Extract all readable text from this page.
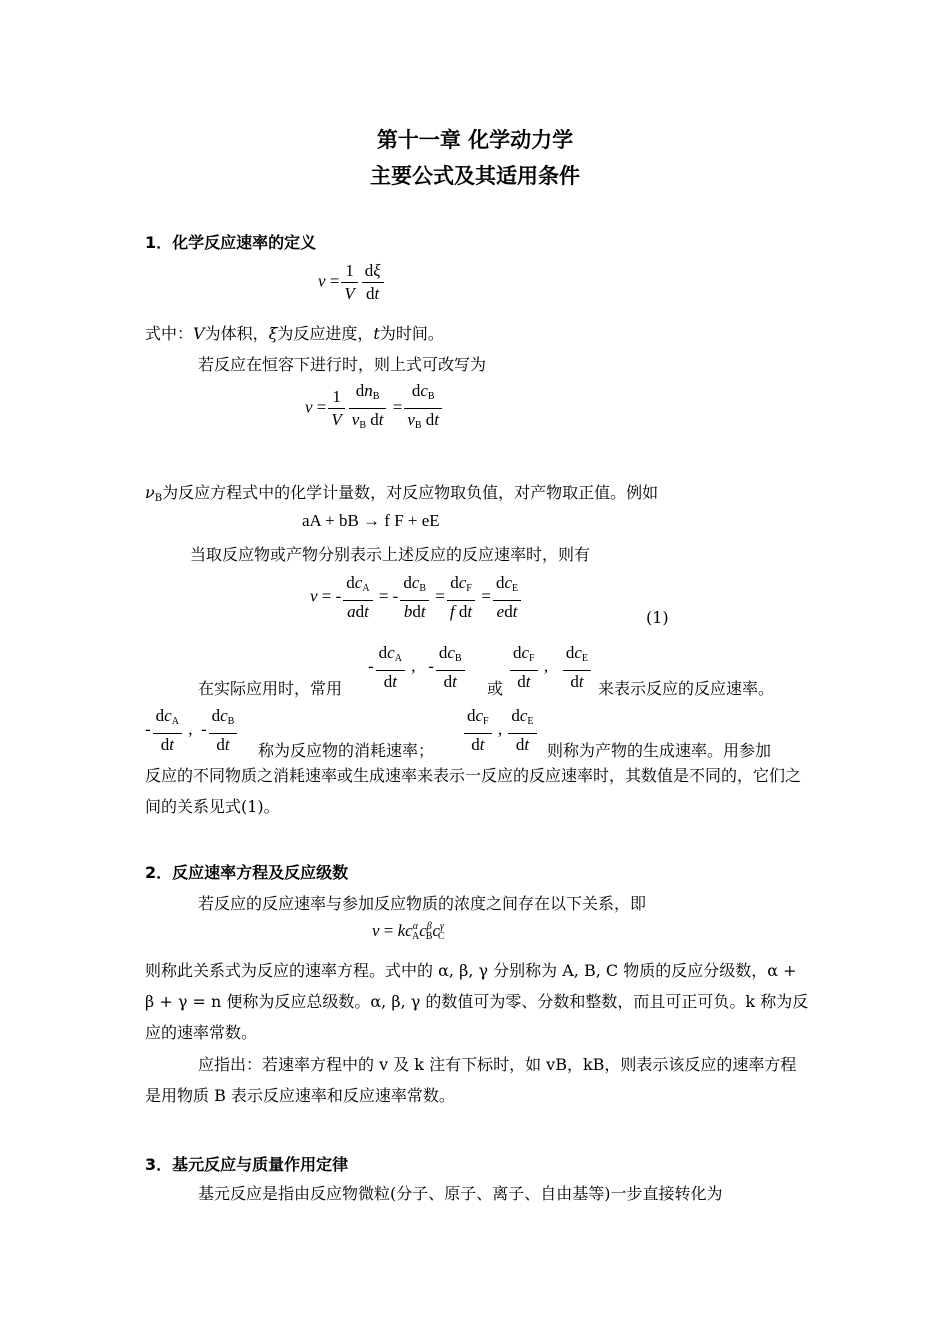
第十一章 化学动力学
主要公式及其适用条件
1．化学反应速率的定义
$v = \frac{1}{V} \frac{d\xi}{dt}$
式中：V为体积，ξ为反应进度，t为时间。
若反应在恒容下进行时，则上式可改写为
$v = \frac{1}{V} \frac{dn_B}{\nu_B dt} = \frac{dc_B}{\nu_B dt}$
$\nu_B$为反应方程式中的化学计量数，对反应物取负值，对产物取正值。例如
aA + bB → f F + eE
当取反应物或产物分别表示上述反应的反应速率时，则有
v = - $\frac{dc_A}{\text{adt}}$ = - $\frac{dc_B}{\text{bdt}} = \frac{dc_F}{\text{f dt}} = \frac{dc_E}{\text{edt}}$	(1)
在实际应用时，常用
- $\frac{dc_A}{dt}$ ,   - $\frac{dc_B}{dt}$ 或 $\frac{dc_F}{dt}$ , $\frac{dc_E}{dt}$ 来表示反应的反应速率。
- $\frac{dc_A}{dt}$ ,  - $\frac{dc_B}{dt}$ 称为反应物的消耗速率； $\frac{dc_F}{dt}$ , $\frac{dc_E}{dt}$ 则称为产物的生成速率。用参加
反应的不同物质之消耗速率或生成速率来表示一反应的反应速率时，其数值是不同的，它们之间的关系见式(1)。
2．反应速率方程及反应级数
若反应的反应速率与参加反应物质的浓度之间存在以下关系，即
$v = kc^\alpha_Ac^\beta_Bc^\gamma_C$
则称此关系式为反应的速率方程。式中的 α, β, γ 分别称为 A, B, C 物质的反应分级数，α + β + γ = n 便称为反应总级数。α, β, γ 的数值可为零、分数和整数，而且可正可负。k 称为反应的速率常数。
应指出：若速率方程中的 v 及 k 注有下标时，如 vB，kB，则表示该反应的速率方程是用物质 B 表示反应速率和反应速率常数。
3．基元反应与质量作用定律
基元反应是指由反应物微粒(分子、原子、离子、自由基等)一步直接转化为
